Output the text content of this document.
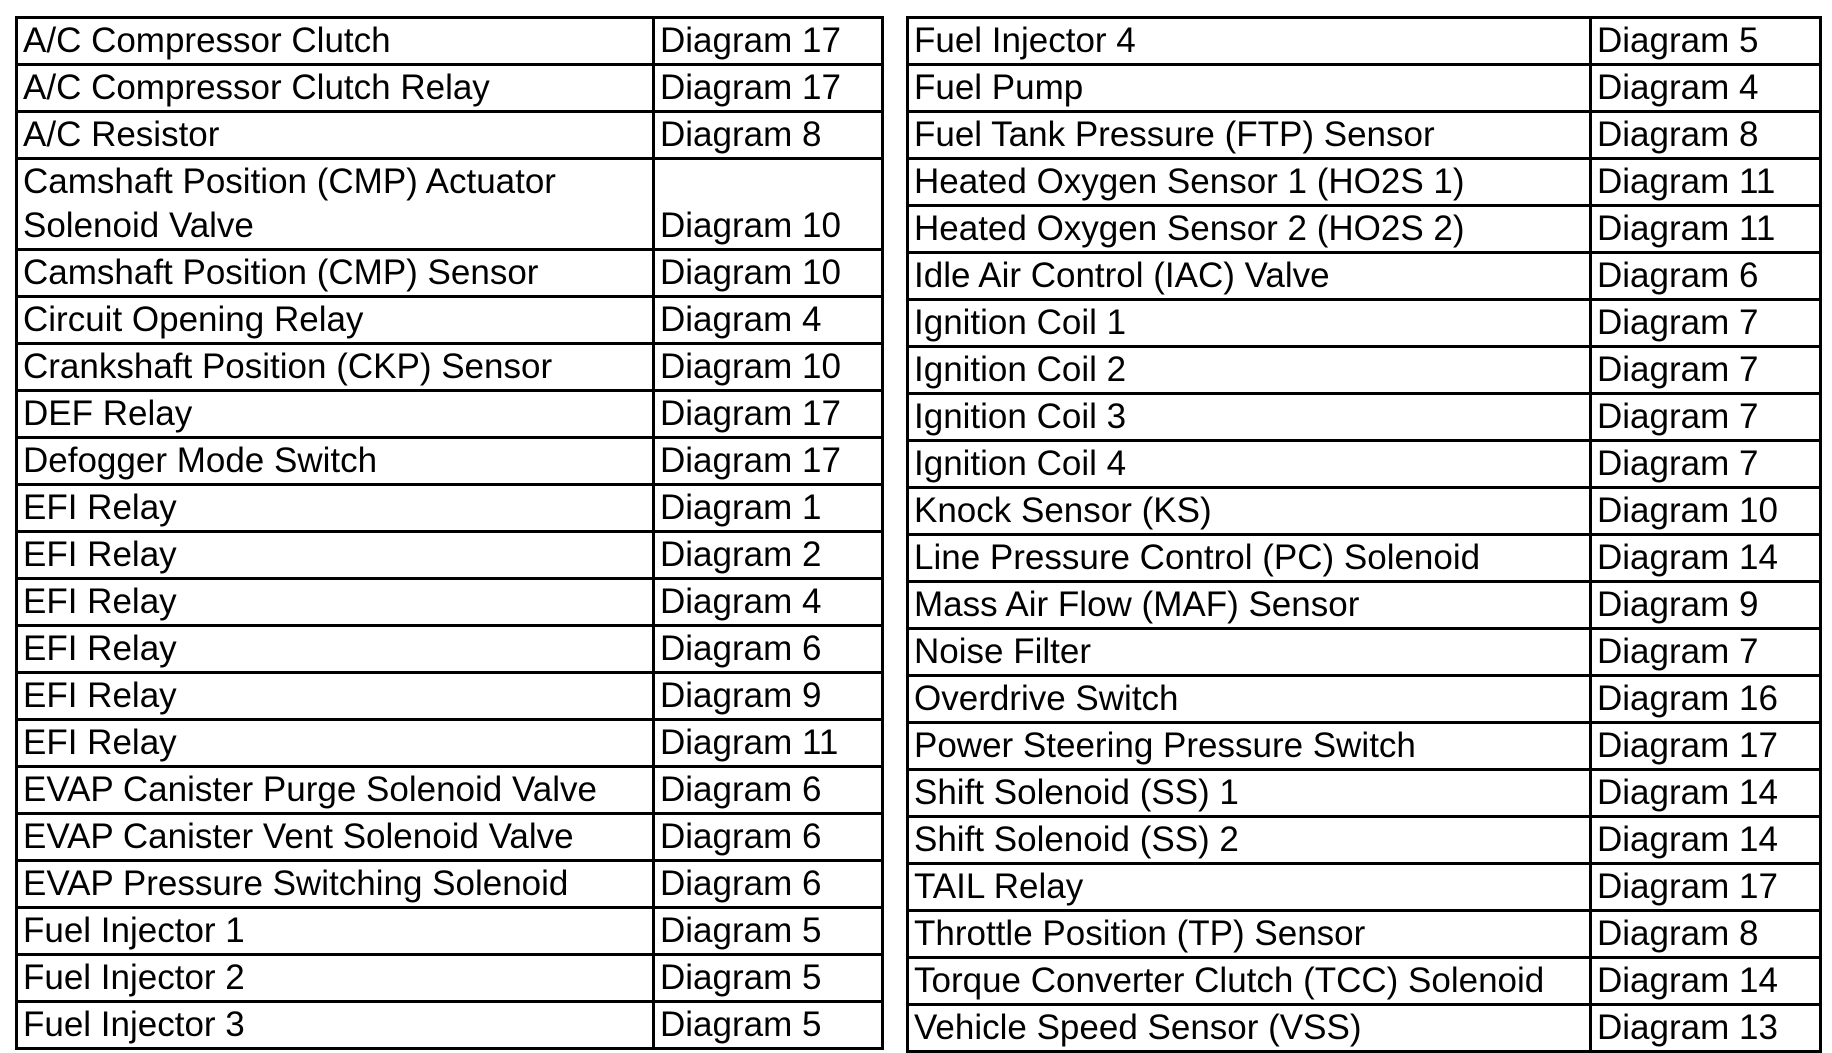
A/C Compressor Clutch	Diagram 17
A/C Compressor Clutch Relay	Diagram 17
A/C Resistor	Diagram 8
Camshaft Position (CMP) Actuator Solenoid Valve	Diagram 10
Camshaft Position (CMP) Sensor	Diagram 10
Circuit Opening Relay	Diagram 4
Crankshaft Position (CKP) Sensor	Diagram 10
DEF Relay	Diagram 17
Defogger Mode Switch	Diagram 17
EFI Relay	Diagram 1
EFI Relay	Diagram 2
EFI Relay	Diagram 4
EFI Relay	Diagram 6
EFI Relay	Diagram 9
EFI Relay	Diagram 11
EVAP Canister Purge Solenoid Valve	Diagram 6
EVAP Canister Vent Solenoid Valve	Diagram 6
EVAP Pressure Switching Solenoid	Diagram 6
Fuel Injector 1	Diagram 5
Fuel Injector 2	Diagram 5
Fuel Injector 3	Diagram 5
Fuel Injector 4	Diagram 5
Fuel Pump	Diagram 4
Fuel Tank Pressure (FTP) Sensor	Diagram 8
Heated Oxygen Sensor 1 (HO2S 1)	Diagram 11
Heated Oxygen Sensor 2 (HO2S 2)	Diagram 11
Idle Air Control (IAC) Valve	Diagram 6
Ignition Coil 1	Diagram 7
Ignition Coil 2	Diagram 7
Ignition Coil 3	Diagram 7
Ignition Coil 4	Diagram 7
Knock Sensor (KS)	Diagram 10
Line Pressure Control (PC) Solenoid	Diagram 14
Mass Air Flow (MAF) Sensor	Diagram 9
Noise Filter	Diagram 7
Overdrive Switch	Diagram 16
Power Steering Pressure Switch	Diagram 17
Shift Solenoid (SS) 1	Diagram 14
Shift Solenoid (SS) 2	Diagram 14
TAIL Relay	Diagram 17
Throttle Position (TP) Sensor	Diagram 8
Torque Converter Clutch (TCC) Solenoid	Diagram 14
Vehicle Speed Sensor (VSS)	Diagram 13
